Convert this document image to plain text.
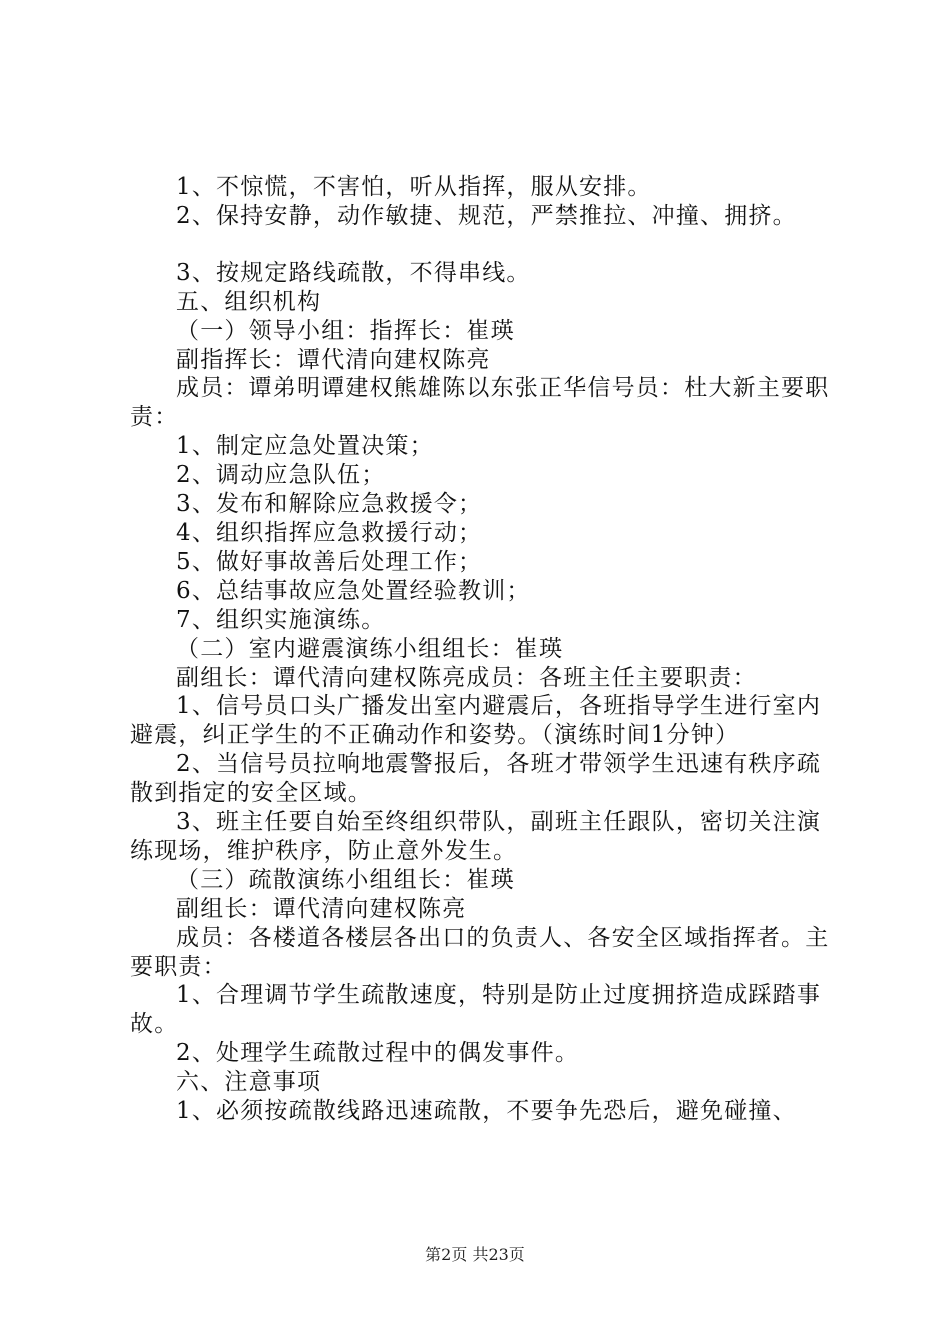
1、不惊慌，不害怕，听从指挥，服从安排。

2、保持安静，动作敏捷、规范，严禁推拉、冲撞、拥挤。

3、按规定路线疏散，不得串线。

五、组织机构

（一）领导小组：指挥长：崔瑛

副指挥长：谭代清向建权陈亮

成员：谭弟明谭建权熊雄陈以东张正华信号员：杜大新主要职责：

1、制定应急处置决策；

2、调动应急队伍；

3、发布和解除应急救援令；

4、组织指挥应急救援行动；

5、做好事故善后处理工作；

6、总结事故应急处置经验教训；

7、组织实施演练。

（二）室内避震演练小组组长：崔瑛

副组长：谭代清向建权陈亮成员：各班主任主要职责：

1、信号员口头广播发出室内避震后，各班指导学生进行室内避震，纠正学生的不正确动作和姿势。（演练时间1分钟）

2、当信号员拉响地震警报后，各班才带领学生迅速有秩序疏散到指定的安全区域。

3、班主任要自始至终组织带队，副班主任跟队，密切关注演练现场，维护秩序，防止意外发生。

（三）疏散演练小组组长：崔瑛

副组长：谭代清向建权陈亮

成员：各楼道各楼层各出口的负责人、各安全区域指挥者。主要职责：

1、合理调节学生疏散速度，特别是防止过度拥挤造成踩踏事故。

2、处理学生疏散过程中的偶发事件。

六、注意事项

1、必须按疏散线路迅速疏散，不要争先恐后，避免碰撞、

第2页 共23页
